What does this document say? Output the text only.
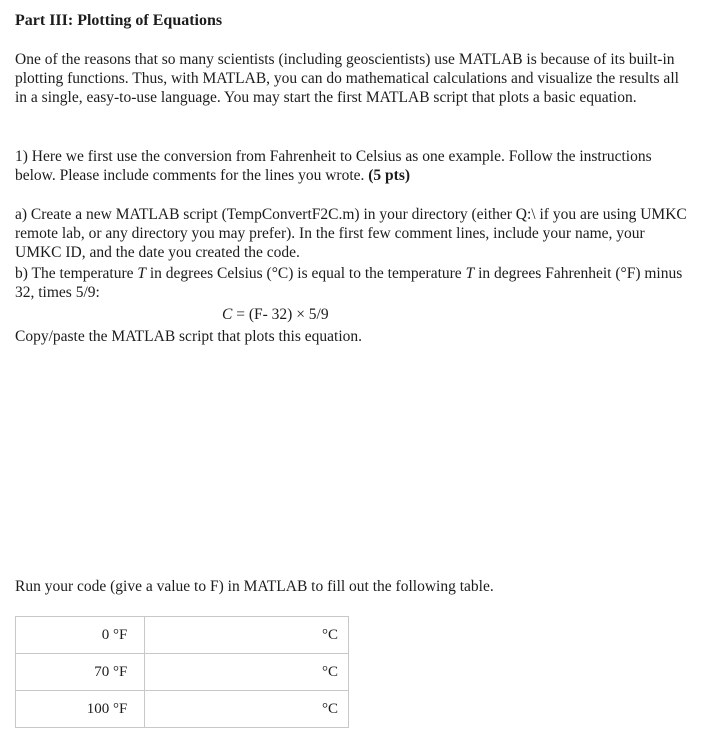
Part III: Plotting of Equations

One of the reasons that so many scientists (including geoscientists) use MATLAB is because of its built-in plotting functions. Thus, with MATLAB, you can do mathematical calculations and visualize the results all in a single, easy-to-use language. You may start the first MATLAB script that plots a basic equation.

1) Here we first use the conversion from Fahrenheit to Celsius as one example. Follow the instructions below. Please include comments for the lines you wrote. (5 pts)

a) Create a new MATLAB script (TempConvertF2C.m) in your directory (either Q:\ if you are using UMKC remote lab, or any directory you may prefer). In the first few comment lines, include your name, your UMKC ID, and the date you created the code.

b) The temperature T in degrees Celsius (°C) is equal to the temperature T in degrees Fahrenheit (°F) minus 32, times 5/9:

C = (F- 32) × 5/9

Copy/paste the MATLAB script that plots this equation.

Run your code (give a value to F) in MATLAB to fill out the following table.

0 °F	°C
70 °F	°C
100 °F	°C
